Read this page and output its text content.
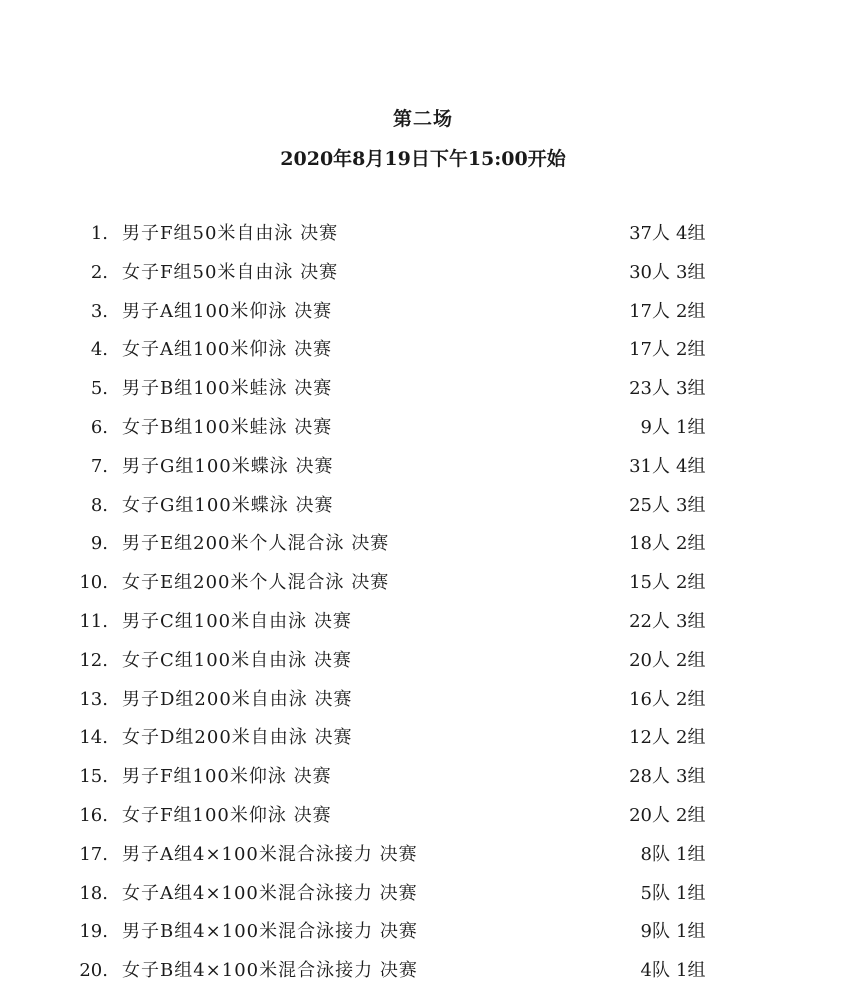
第二场
2020年8月19日下午15:00开始
1. 男子F组50米自由泳 决赛	37人 4组
2. 女子F组50米自由泳 决赛	30人 3组
3. 男子A组100米仰泳 决赛	17人 2组
4. 女子A组100米仰泳 决赛	17人 2组
5. 男子B组100米蛙泳 决赛	23人 3组
6. 女子B组100米蛙泳 决赛	9人 1组
7. 男子G组100米蝶泳 决赛	31人 4组
8. 女子G组100米蝶泳 决赛	25人 3组
9. 男子E组200米个人混合泳 决赛	18人 2组
10. 女子E组200米个人混合泳 决赛	15人 2组
11. 男子C组100米自由泳 决赛	22人 3组
12. 女子C组100米自由泳 决赛	20人 2组
13. 男子D组200米自由泳 决赛	16人 2组
14. 女子D组200米自由泳 决赛	12人 2组
15. 男子F组100米仰泳 决赛	28人 3组
16. 女子F组100米仰泳 决赛	20人 2组
17. 男子A组4×100米混合泳接力 决赛	8队 1组
18. 女子A组4×100米混合泳接力 决赛	5队 1组
19. 男子B组4×100米混合泳接力 决赛	9队 1组
20. 女子B组4×100米混合泳接力 决赛	4队 1组
